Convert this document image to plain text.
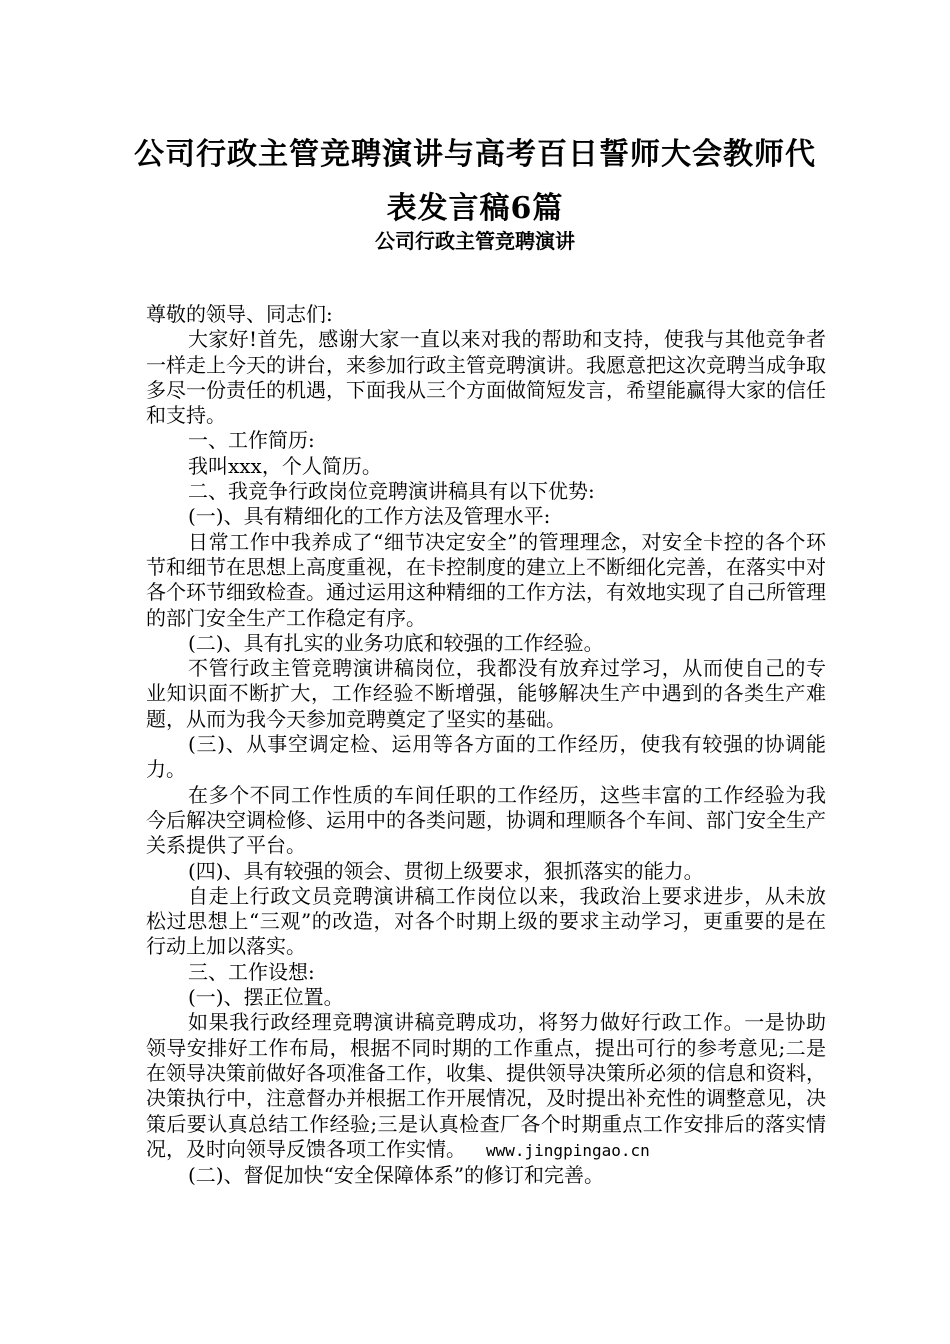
公司行政主管竞聘演讲与高考百日誓师大会教师代
表发言稿6篇
公司行政主管竞聘演讲

尊敬的领导、同志们:

大家好!首先，感谢大家一直以来对我的帮助和支持，使我与其他竞争者一样走上今天的讲台，来参加行政主管竞聘演讲。我愿意把这次竞聘当成争取多尽一份责任的机遇，下面我从三个方面做简短发言，希望能赢得大家的信任和支持。

一、工作简历:

我叫xxx，个人简历。

二、我竞争行政岗位竞聘演讲稿具有以下优势:

(一)、具有精细化的工作方法及管理水平:

日常工作中我养成了“细节决定安全”的管理理念，对安全卡控的各个环节和细节在思想上高度重视，在卡控制度的建立上不断细化完善，在落实中对各个环节细致检查。通过运用这种精细的工作方法，有效地实现了自己所管理的部门安全生产工作稳定有序。

(二)、具有扎实的业务功底和较强的工作经验。

不管行政主管竞聘演讲稿岗位，我都没有放弃过学习，从而使自己的专业知识面不断扩大，工作经验不断增强，能够解决生产中遇到的各类生产难题，从而为我今天参加竞聘奠定了坚实的基础。

(三)、从事空调定检、运用等各方面的工作经历，使我有较强的协调能力。

在多个不同工作性质的车间任职的工作经历，这些丰富的工作经验为我今后解决空调检修、运用中的各类问题，协调和理顺各个车间、部门安全生产关系提供了平台。

(四)、具有较强的领会、贯彻上级要求，狠抓落实的能力。

自走上行政文员竞聘演讲稿工作岗位以来，我政治上要求进步，从未放松过思想上“三观”的改造，对各个时期上级的要求主动学习，更重要的是在行动上加以落实。

三、工作设想:

(一)、摆正位置。

如果我行政经理竞聘演讲稿竞聘成功，将努力做好行政工作。一是协助领导安排好工作布局，根据不同时期的工作重点，提出可行的参考意见;二是在领导决策前做好各项准备工作，收集、提供领导决策所必须的信息和资料，决策执行中，注意督办并根据工作开展情况，及时提出补充性的调整意见，决策后要认真总结工作经验;三是认真检查厂各个时期重点工作安排后的落实情况，及时向领导反馈各项工作实情。 www.jingpingao.cn

(二)、督促加快“安全保障体系”的修订和完善。
